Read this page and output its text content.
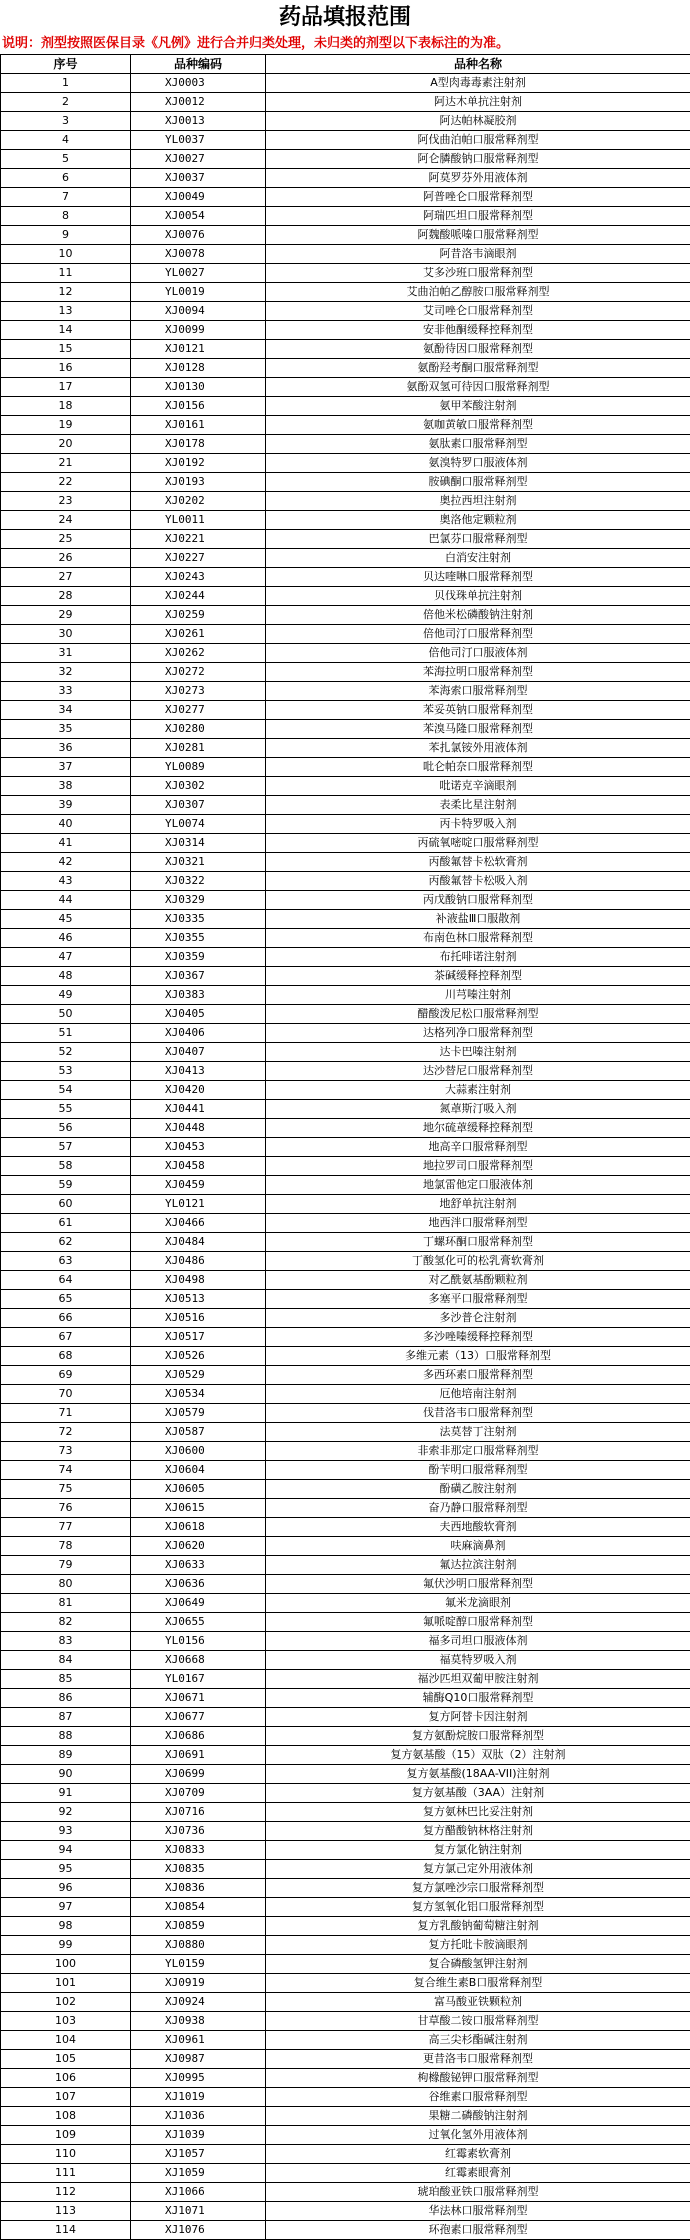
药品填报范围
说明：剂型按照医保目录《凡例》进行合并归类处理，未归类的剂型以下表标注的为准。
序号	品种编码	品种名称
1	XJ0003	A型肉毒毒素注射剂
2	XJ0012	阿达木单抗注射剂
3	XJ0013	阿达帕林凝胶剂
4	YL0037	阿伐曲泊帕口服常释剂型
5	XJ0027	阿仑膦酸钠口服常释剂型
6	XJ0037	阿莫罗芬外用液体剂
7	XJ0049	阿普唑仑口服常释剂型
8	XJ0054	阿瑞匹坦口服常释剂型
9	XJ0076	阿魏酸哌嗪口服常释剂型
10	XJ0078	阿昔洛韦滴眼剂
11	YL0027	艾多沙班口服常释剂型
12	YL0019	艾曲泊帕乙醇胺口服常释剂型
13	XJ0094	艾司唑仑口服常释剂型
14	XJ0099	安非他酮缓释控释剂型
15	XJ0121	氨酚待因口服常释剂型
16	XJ0128	氨酚羟考酮口服常释剂型
17	XJ0130	氨酚双氢可待因口服常释剂型
18	XJ0156	氨甲苯酸注射剂
19	XJ0161	氨咖黄敏口服常释剂型
20	XJ0178	氨肽素口服常释剂型
21	XJ0192	氨溴特罗口服液体剂
22	XJ0193	胺碘酮口服常释剂型
23	XJ0202	奥拉西坦注射剂
24	YL0011	奥洛他定颗粒剂
25	XJ0221	巴氯芬口服常释剂型
26	XJ0227	白消安注射剂
27	XJ0243	贝达喹啉口服常释剂型
28	XJ0244	贝伐珠单抗注射剂
29	XJ0259	倍他米松磷酸钠注射剂
30	XJ0261	倍他司汀口服常释剂型
31	XJ0262	倍他司汀口服液体剂
32	XJ0272	苯海拉明口服常释剂型
33	XJ0273	苯海索口服常释剂型
34	XJ0277	苯妥英钠口服常释剂型
35	XJ0280	苯溴马隆口服常释剂型
36	XJ0281	苯扎氯铵外用液体剂
37	YL0089	吡仑帕奈口服常释剂型
38	XJ0302	吡诺克辛滴眼剂
39	XJ0307	表柔比星注射剂
40	YL0074	丙卡特罗吸入剂
41	XJ0314	丙硫氧嘧啶口服常释剂型
42	XJ0321	丙酸氟替卡松软膏剂
43	XJ0322	丙酸氟替卡松吸入剂
44	XJ0329	丙戊酸钠口服常释剂型
45	XJ0335	补液盐Ⅲ口服散剂
46	XJ0355	布南色林口服常释剂型
47	XJ0359	布托啡诺注射剂
48	XJ0367	茶碱缓释控释剂型
49	XJ0383	川芎嗪注射剂
50	XJ0405	醋酸泼尼松口服常释剂型
51	XJ0406	达格列净口服常释剂型
52	XJ0407	达卡巴嗪注射剂
53	XJ0413	达沙替尼口服常释剂型
54	XJ0420	大蒜素注射剂
55	XJ0441	氮䓬斯汀吸入剂
56	XJ0448	地尔硫䓬缓释控释剂型
57	XJ0453	地高辛口服常释剂型
58	XJ0458	地拉罗司口服常释剂型
59	XJ0459	地氯雷他定口服液体剂
60	YL0121	地舒单抗注射剂
61	XJ0466	地西泮口服常释剂型
62	XJ0484	丁螺环酮口服常释剂型
63	XJ0486	丁酸氢化可的松乳膏软膏剂
64	XJ0498	对乙酰氨基酚颗粒剂
65	XJ0513	多塞平口服常释剂型
66	XJ0516	多沙普仑注射剂
67	XJ0517	多沙唑嗪缓释控释剂型
68	XJ0526	多维元素（13）口服常释剂型
69	XJ0529	多西环素口服常释剂型
70	XJ0534	厄他培南注射剂
71	XJ0579	伐昔洛韦口服常释剂型
72	XJ0587	法莫替丁注射剂
73	XJ0600	非索非那定口服常释剂型
74	XJ0604	酚苄明口服常释剂型
75	XJ0605	酚磺乙胺注射剂
76	XJ0615	奋乃静口服常释剂型
77	XJ0618	夫西地酸软膏剂
78	XJ0620	呋麻滴鼻剂
79	XJ0633	氟达拉滨注射剂
80	XJ0636	氟伏沙明口服常释剂型
81	XJ0649	氟米龙滴眼剂
82	XJ0655	氟哌啶醇口服常释剂型
83	YL0156	福多司坦口服液体剂
84	XJ0668	福莫特罗吸入剂
85	YL0167	福沙匹坦双葡甲胺注射剂
86	XJ0671	辅酶Q10口服常释剂型
87	XJ0677	复方阿替卡因注射剂
88	XJ0686	复方氨酚烷胺口服常释剂型
89	XJ0691	复方氨基酸（15）双肽（2）注射剂
90	XJ0699	复方氨基酸(18AA-VII)注射剂
91	XJ0709	复方氨基酸（3AA）注射剂
92	XJ0716	复方氨林巴比妥注射剂
93	XJ0736	复方醋酸钠林格注射剂
94	XJ0833	复方氯化钠注射剂
95	XJ0835	复方氯己定外用液体剂
96	XJ0836	复方氯唑沙宗口服常释剂型
97	XJ0854	复方氢氧化铝口服常释剂型
98	XJ0859	复方乳酸钠葡萄糖注射剂
99	XJ0880	复方托吡卡胺滴眼剂
100	YL0159	复合磷酸氢钾注射剂
101	XJ0919	复合维生素B口服常释剂型
102	XJ0924	富马酸亚铁颗粒剂
103	XJ0938	甘草酸二铵口服常释剂型
104	XJ0961	高三尖杉酯碱注射剂
105	XJ0987	更昔洛韦口服常释剂型
106	XJ0995	枸橼酸铋钾口服常释剂型
107	XJ1019	谷维素口服常释剂型
108	XJ1036	果糖二磷酸钠注射剂
109	XJ1039	过氧化氢外用液体剂
110	XJ1057	红霉素软膏剂
111	XJ1059	红霉素眼膏剂
112	XJ1066	琥珀酸亚铁口服常释剂型
113	XJ1071	华法林口服常释剂型
114	XJ1076	环孢素口服常释剂型
